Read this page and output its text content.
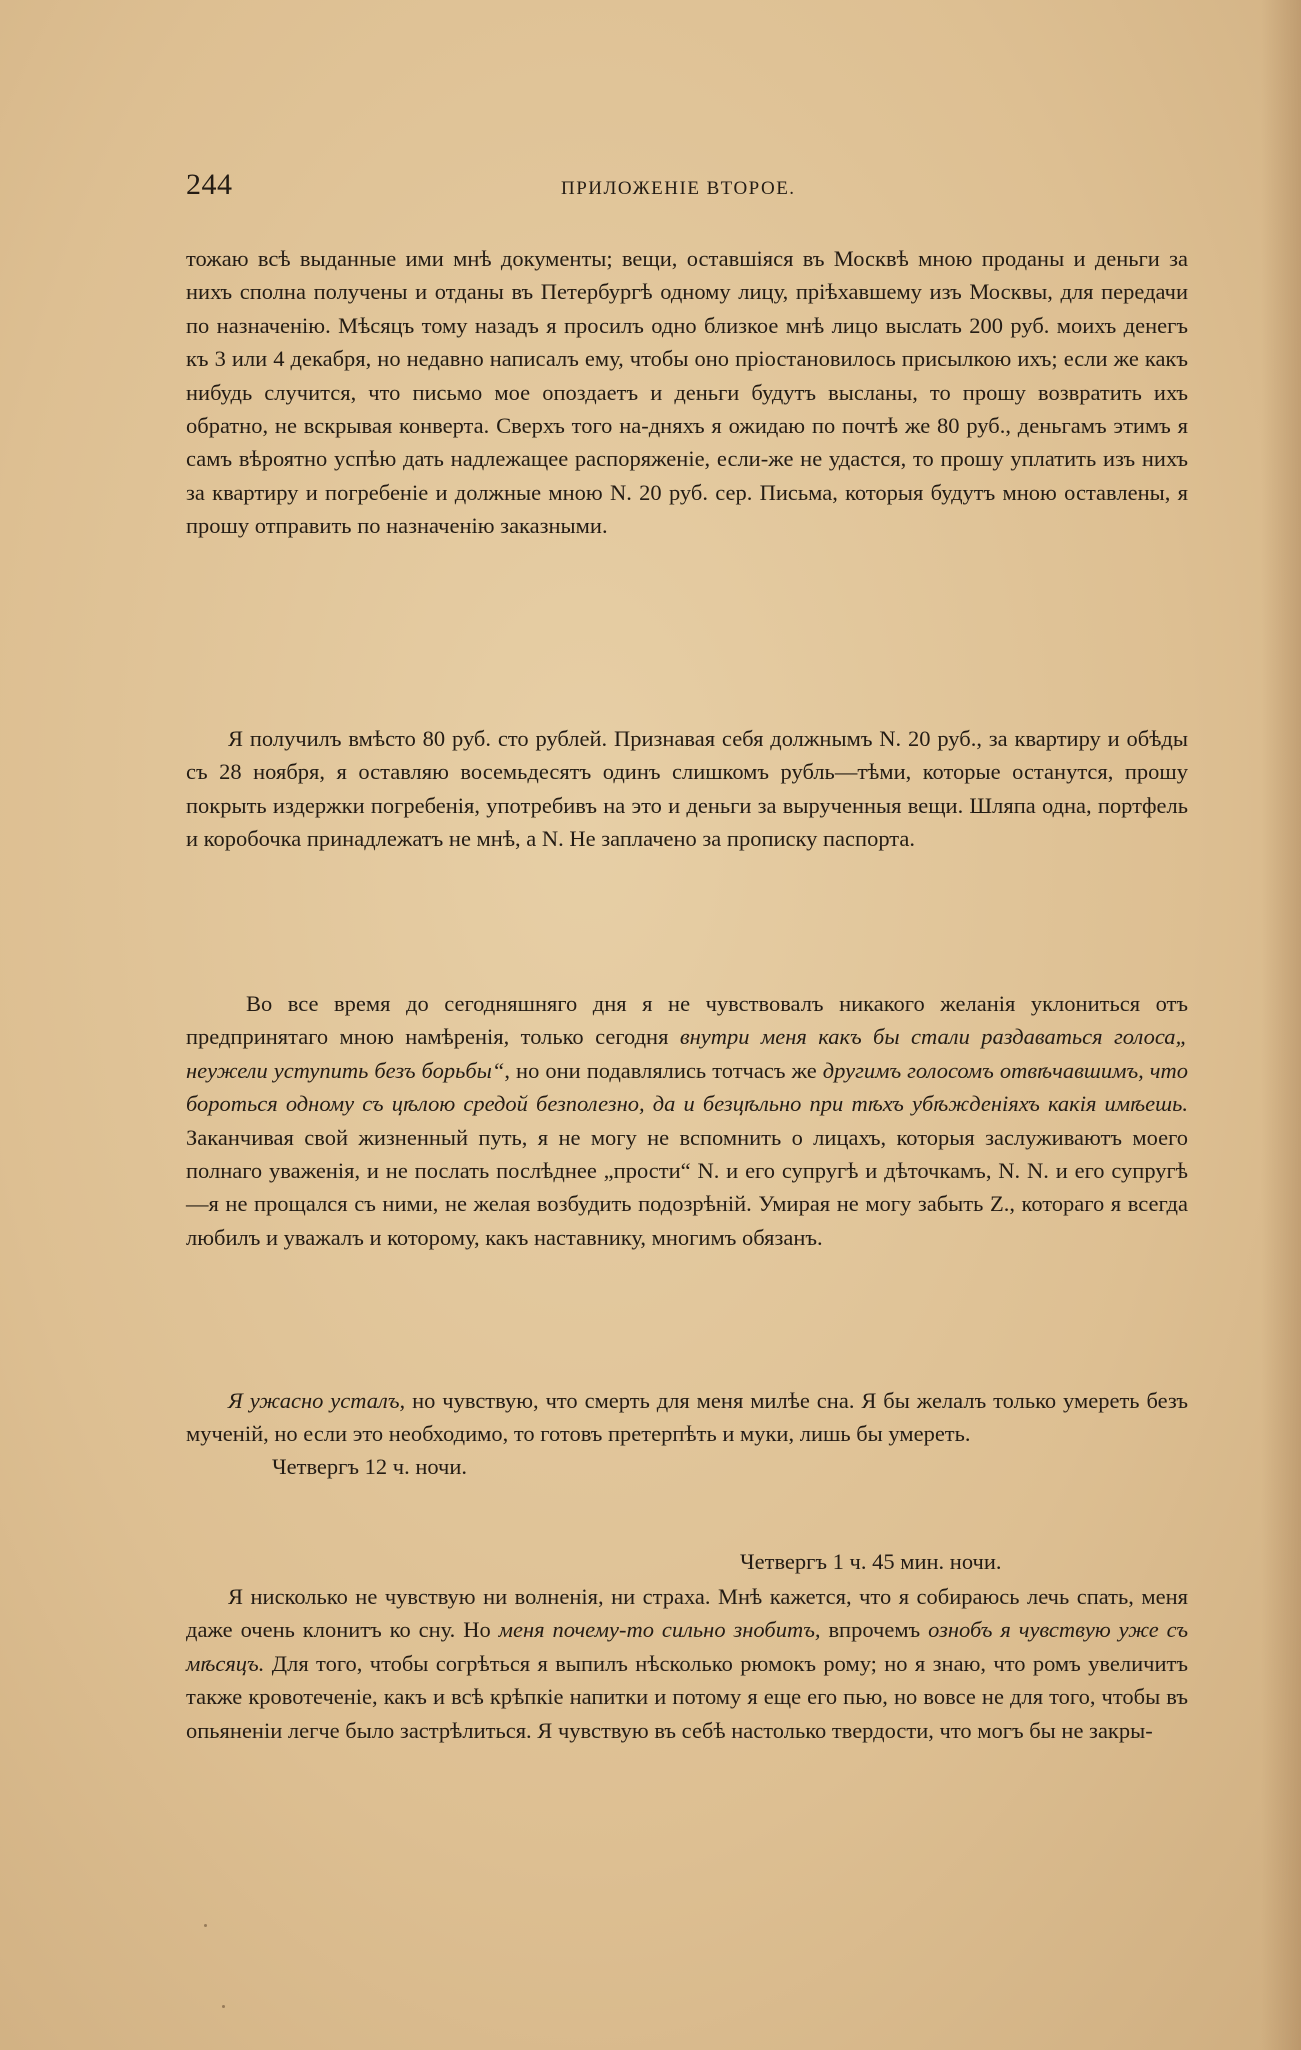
244	ПРИЛОЖЕНІЕ ВТОРОЕ.
тожаю всѣ выданные ими мнѣ документы; вещи, оставшіяся въ Москвѣ мною проданы и деньги за нихъ сполна получены и отданы въ Петербургѣ одному лицу, пріѣхавшему изъ Москвы, для передачи по назначенію. Мѣсяцъ тому назадъ я просилъ одно близкое мнѣ лицо выслать 200 руб. моихъ денегъ къ 3 или 4 декабря, но недавно написалъ ему, чтобы оно пріостановилось присылкою ихъ; если же какъ нибудь случится, что письмо мое опоздаетъ и деньги будутъ высланы, то прошу возвратить ихъ обратно, не вскрывая конверта. Сверхъ того на-дняхъ я ожидаю по почтѣ же 80 руб., деньгамъ этимъ я самъ вѣроятно успѣю дать надлежащее распоряженіе, если-же не удастся, то прошу уплатить изъ нихъ за квартиру и погребеніе и должные мною N. 20 руб. сер. Письма, которыя будутъ мною оставлены, я прошу отправить по назначенію заказными.
Я получилъ вмѣсто 80 руб. сто рублей. Признавая себя должнымъ N. 20 руб., за квартиру и обѣды съ 28 ноября, я оставляю восемьдесятъ одинъ слишкомъ рубль—тѣми, которые останутся, прошу покрыть издержки погребенія, употребивъ на это и деньги за вырученныя вещи. Шляпа одна, портфель и коробочка принадлежатъ не мнѣ, а N. Не заплачено за прописку паспорта.
Во все время до сегодняшняго дня я не чувствовалъ никакого желанія уклониться отъ предпринятаго мною намѣренія, только сегодня внутри меня какъ бы стали раздаваться голоса„ неужели уступить безъ борьбы“, но они подавлялись тотчасъ же другимъ голосомъ отвѣчавшимъ, что бороться одному съ цѣлою средой безполезно, да и безцѣльно при тѣхъ убѣжденіяхъ какія имѣешь. Заканчивая свой жизненный путь, я не могу не вспомнить о лицахъ, которыя заслуживаютъ моего полнаго уваженія, и не послать послѣднее „прости“ N. и его супругѣ и дѣточкамъ, N. N. и его супругѣ—я не прощался съ ними, не желая возбудить подозрѣній. Умирая не могу забыть Z., котораго я всегда любилъ и уважалъ и которому, какъ наставнику, многимъ обязанъ.
Я ужасно усталъ, но чувствую, что смерть для меня милѣе сна. Я бы желалъ только умереть безъ мученій, но если это необходимо, то готовъ претерпѣть и муки, лишь бы умереть.
Четвергъ 12 ч. ночи.
Четвергъ 1 ч. 45 мин. ночи.
Я нисколько не чувствую ни волненія, ни страха. Мнѣ кажется, что я собираюсь лечь спать, меня даже очень клонитъ ко сну. Но меня почему-то сильно знобитъ, впрочемъ ознобъ я чувствую уже съ мѣсяцъ. Для того, чтобы согрѣться я выпилъ нѣсколько рюмокъ рому; но я знаю, что ромъ увеличитъ также кровотеченіе, какъ и всѣ крѣпкіе напитки и потому я еще его пью, но вовсе не для того, чтобы въ опьяненіи легче было застрѣлиться. Я чувствую въ себѣ настолько твердости, что могъ бы не закры-
